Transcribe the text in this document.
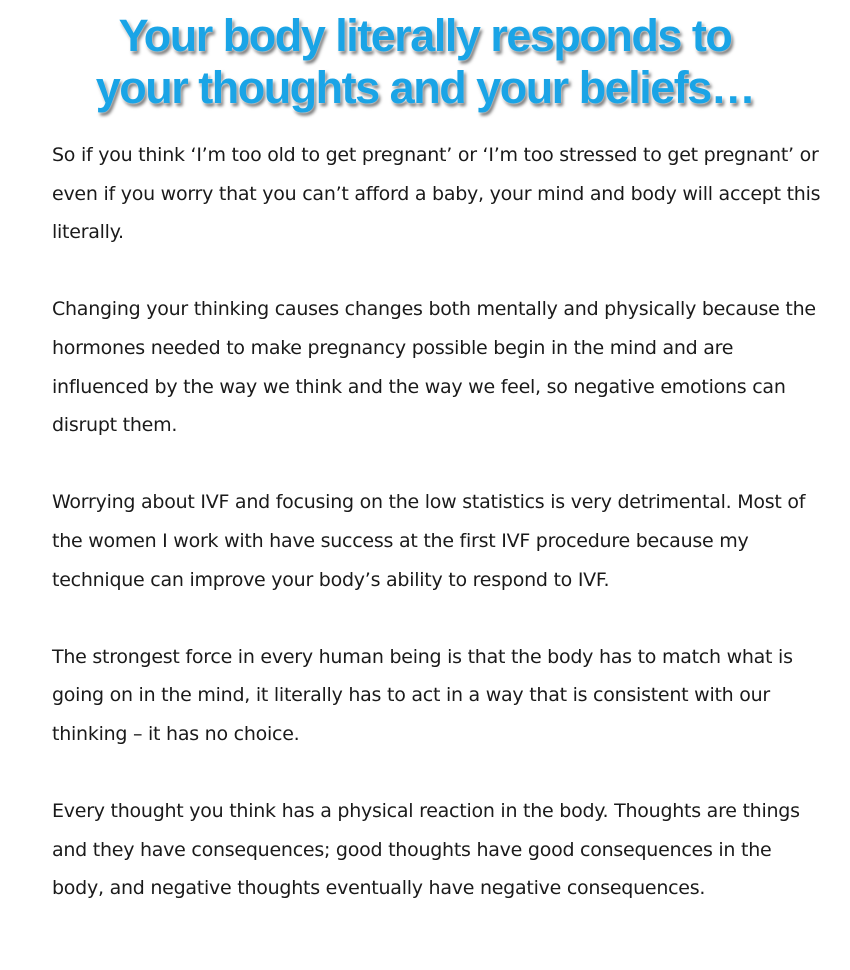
Your body literally responds to
your thoughts and your beliefs…

So if you think ‘I’m too old to get pregnant’ or ‘I’m too stressed to get pregnant’ or even if you worry that you can’t afford a baby, your mind and body will accept this literally.

Changing your thinking causes changes both mentally and physically because the hormones needed to make pregnancy possible begin in the mind and are influenced by the way we think and the way we feel, so negative emotions can disrupt them.

Worrying about IVF and focusing on the low statistics is very detrimental. Most of the women I work with have success at the first IVF procedure because my technique can improve your body’s ability to respond to IVF.

The strongest force in every human being is that the body has to match what is going on in the mind, it literally has to act in a way that is consistent with our thinking – it has no choice.

Every thought you think has a physical reaction in the body. Thoughts are things and they have consequences; good thoughts have good consequences in the body, and negative thoughts eventually have negative consequences.
